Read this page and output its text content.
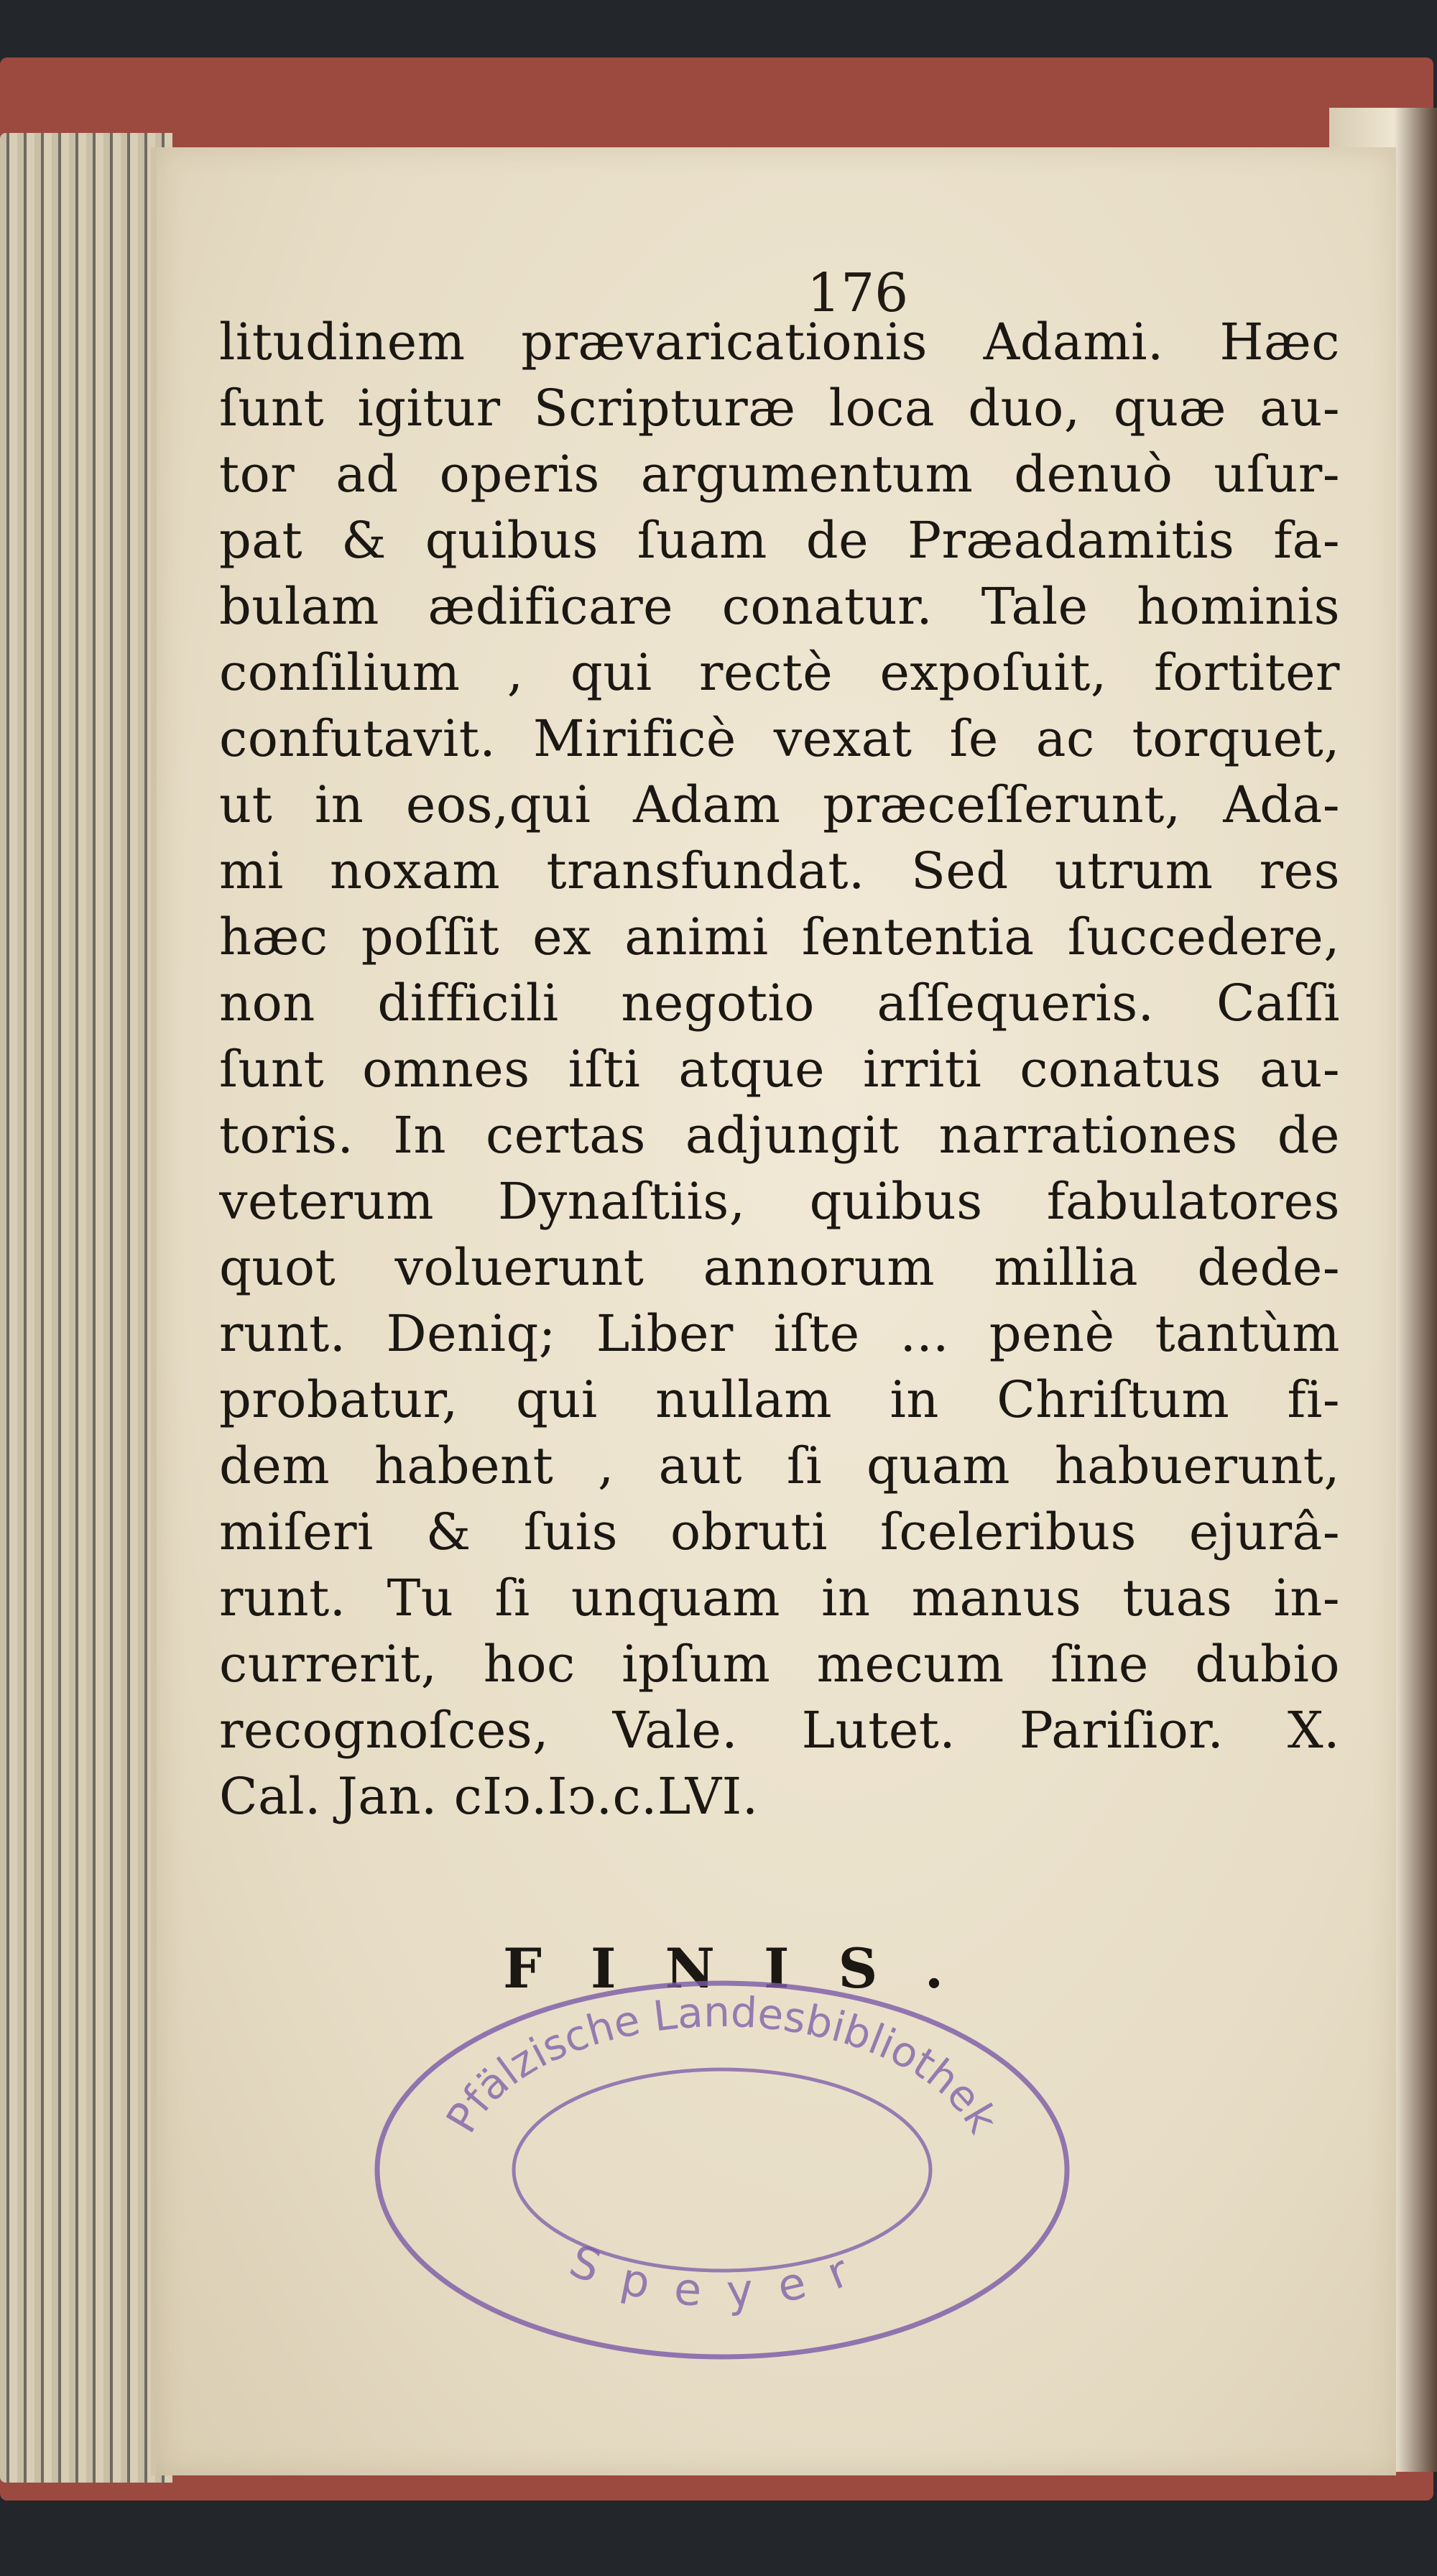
176
litudinem prævaricationis Adami. Hæc
ſunt igitur Scripturæ loca duo, quæ au-
tor ad operis argumentum denuò uſur-
pat & quibus ſuam de Præadamitis fa-
bulam ædificare conatur. Tale hominis
conſilium , qui rectè expoſuit, fortiter
confutavit. Mirificè vexat ſe ac torquet,
ut in eos,qui Adam præceſſerunt, Ada-
mi noxam transfundat. Sed utrum res
hæc poſſit ex animi ſententia ſuccedere,
non difficili negotio aſſequeris. Caſſi
ſunt omnes iſti atque irriti conatus au-
toris. In certas adjungit narrationes de
veterum Dynaſtiis, quibus fabulatores
quot voluerunt annorum millia dede-
runt. Deniq; Liber iſte ... penè tantùm
probatur, qui nullam in Chriſtum fi-
dem habent , aut ſi quam habuerunt,
miſeri & ſuis obruti ſceleribus ejurâ-
runt. Tu ſi unquam in manus tuas in-
currerit, hoc ipſum mecum ſine dubio
recognoſces, Vale. Lutet. Pariſior. X.
Cal. Jan. cIↄ.Iↄ.c.LVI.
FINIS.
Pfälzische Landesbibliothek
Speyer
